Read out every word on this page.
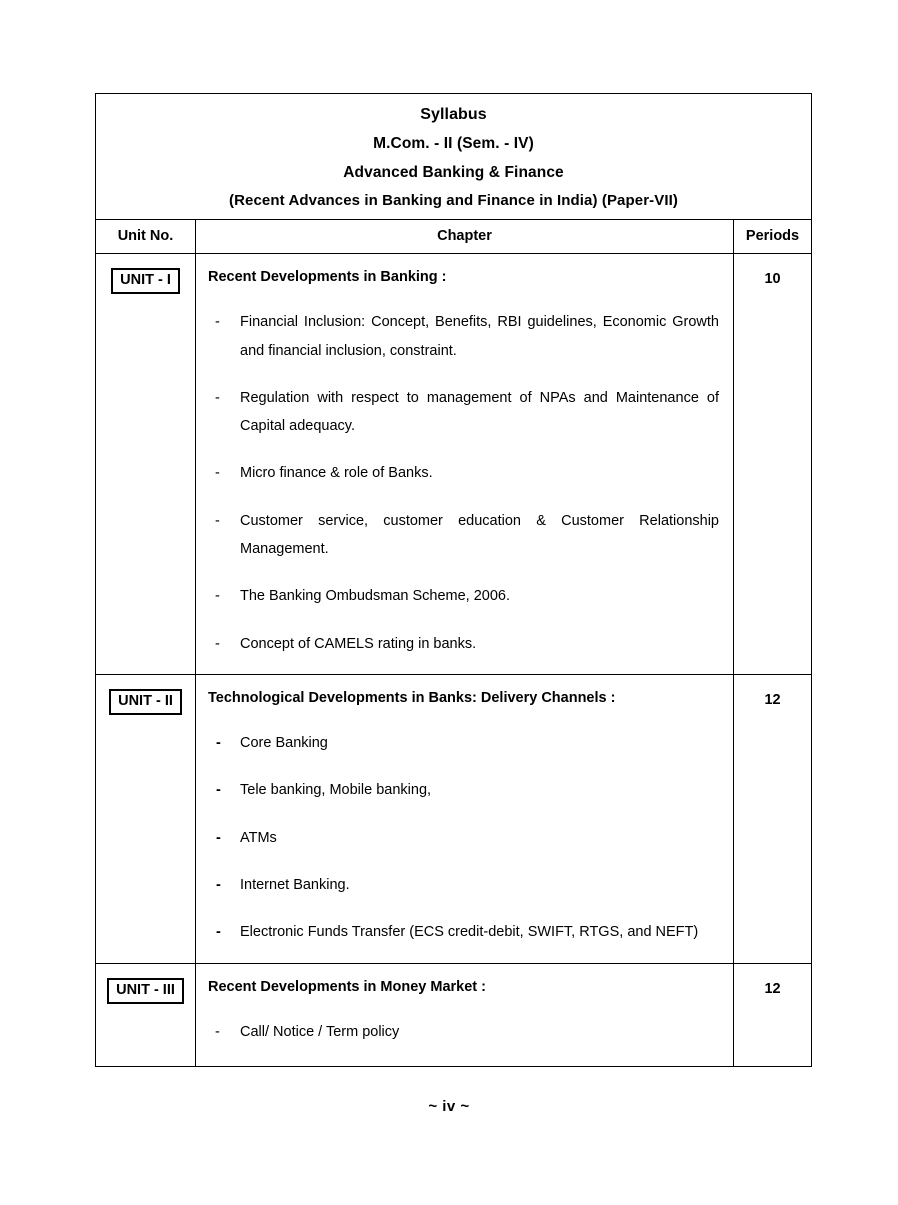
Syllabus
M.Com. - II (Sem. - IV)
Advanced Banking & Finance
(Recent Advances in Banking and Finance in India) (Paper-VII)		

Unit No.	Chapter	Periods
UNIT - I	Recent Developments in Banking :
- Financial Inclusion: Concept, Benefits, RBI guidelines, Economic Growth and financial inclusion, constraint.
- Regulation with respect to management of NPAs and Maintenance of Capital adequacy.
- Micro finance & role of Banks.
- Customer service, customer education & Customer Relationship Management.
- The Banking Ombudsman Scheme, 2006.
- Concept of CAMELS rating in banks.
	10
UNIT - II	Technological Developments in Banks: Delivery Channels :
- Core Banking
- Tele banking, Mobile banking,
- ATMs
- Internet Banking.
- Electronic Funds Transfer (ECS credit-debit, SWIFT, RTGS, and NEFT)
	12
UNIT - III	Recent Developments in Money Market :
- Call/ Notice / Term policy
	12
~ iv ~
